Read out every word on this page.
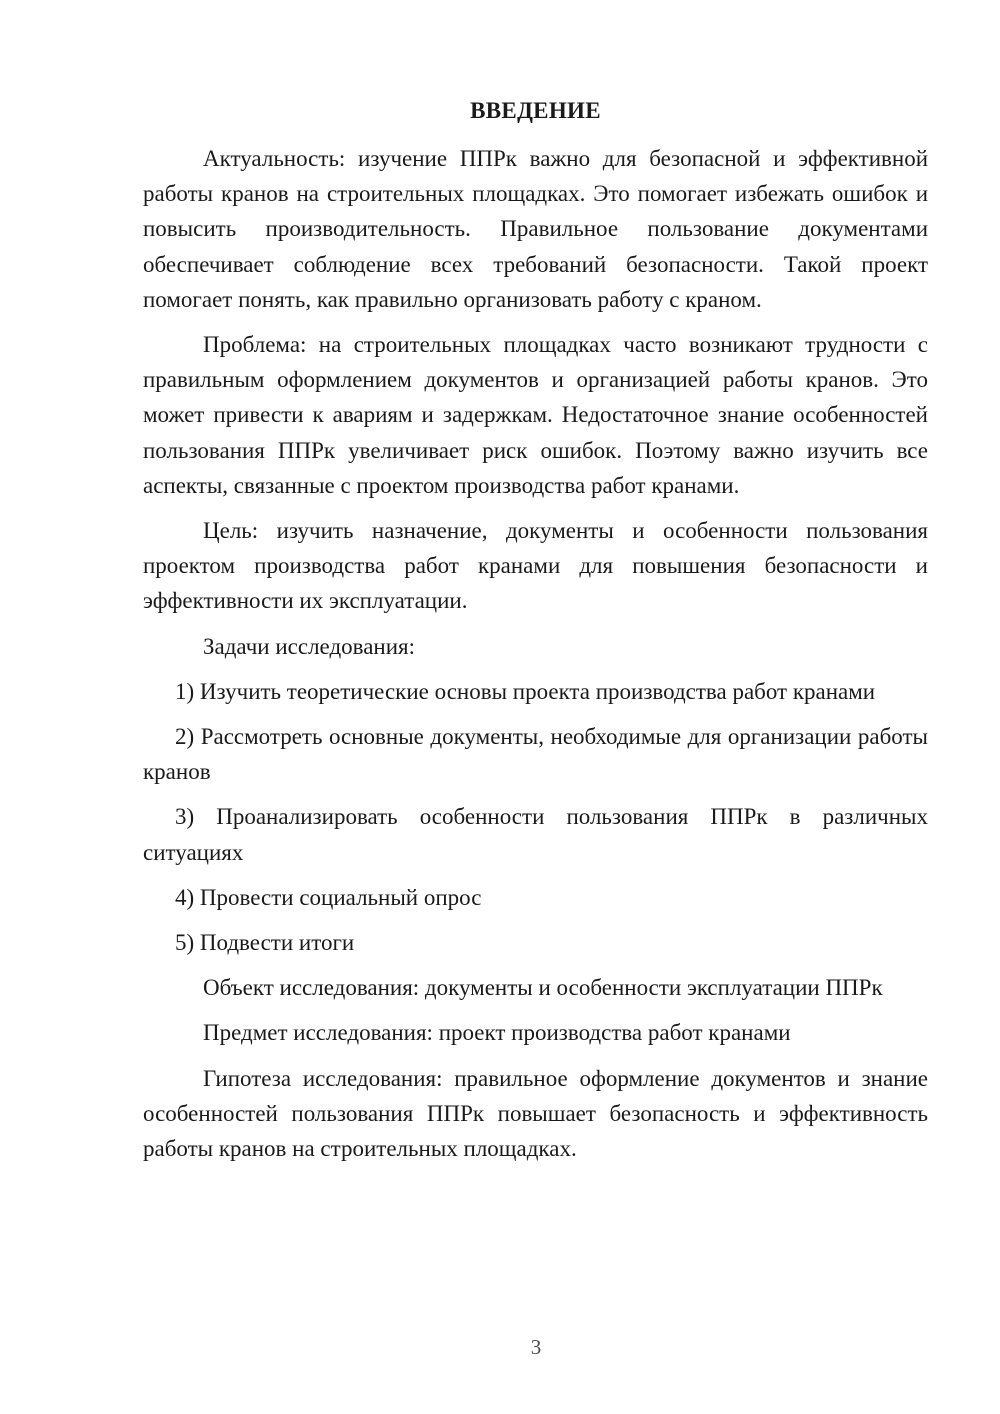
ВВЕДЕНИЕ

Актуальность: изучение ППРк важно для безопасной и эффективной работы кранов на строительных площадках. Это помогает избежать ошибок и повысить производительность. Правильное пользование документами обеспечивает соблюдение всех требований безопасности. Такой проект помогает понять, как правильно организовать работу с краном.

Проблема: на строительных площадках часто возникают трудности с правильным оформлением документов и организацией работы кранов. Это может привести к авариям и задержкам. Недостаточное знание особенностей пользования ППРк увеличивает риск ошибок. Поэтому важно изучить все аспекты, связанные с проектом производства работ кранами.

Цель: изучить назначение, документы и особенности пользования проектом производства работ кранами для повышения безопасности и эффективности их эксплуатации.

Задачи исследования:

1) Изучить теоретические основы проекта производства работ кранами

2) Рассмотреть основные документы, необходимые для организации работы кранов

3) Проанализировать особенности пользования ППРк в различных ситуациях

4) Провести социальный опрос

5) Подвести итоги

Объект исследования: документы и особенности эксплуатации ППРк

Предмет исследования: проект производства работ кранами

Гипотеза исследования: правильное оформление документов и знание особенностей пользования ППРк повышает безопасность и эффективность работы кранов на строительных площадках.

3
